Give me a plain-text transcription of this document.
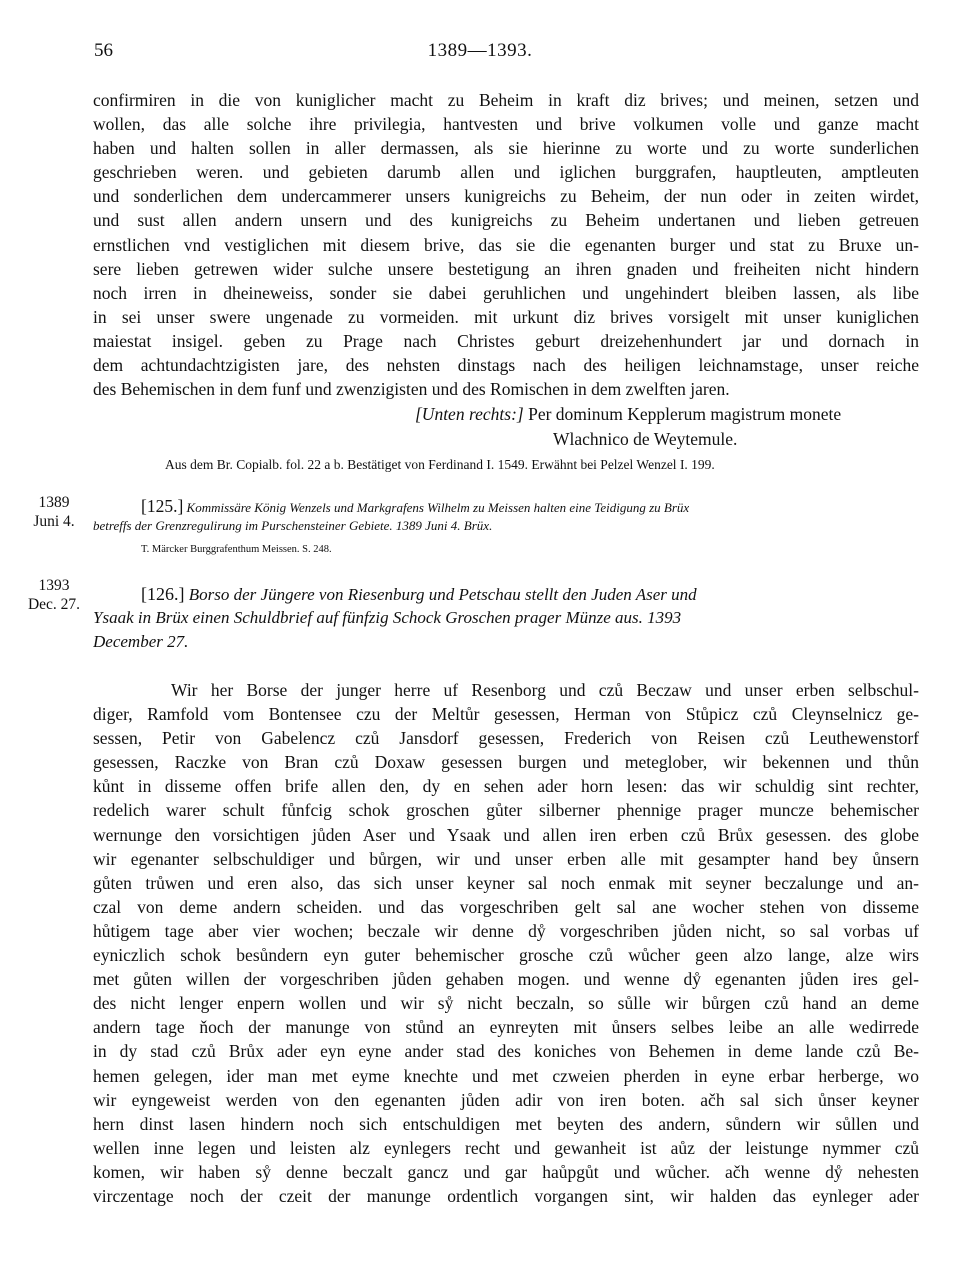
56	1389—1393.
confirmiren in die von kuniglicher macht zu Beheim in kraft diz brives; und meinen, setzen und
wollen, das alle solche ihre privilegia, hantvesten und brive volkumen volle und ganze macht
haben und halten sollen in aller dermassen, als sie hierinne zu worte und zu worte sunderlichen
geschrieben weren. und gebieten darumb allen und iglichen burggrafen, hauptleuten, amptleuten
und sonderlichen dem undercammerer unsers kunigreichs zu Beheim, der nun oder in zeiten wirdet,
und sust allen andern unsern und des kunigreichs zu Beheim undertanen und lieben getreuen
ernstlichen vnd vestiglichen mit diesem brive, das sie die egenanten burger und stat zu Bruxe un-
sere lieben getrewen wider sulche unsere bestetigung an ihren gnaden und freiheiten nicht hindern
noch irren in dheineweiss, sonder sie dabei geruhlichen und ungehindert bleiben lassen, als libe
in sei unser swere ungenade zu vormeiden. mit urkunt diz brives vorsigelt mit unser kuniglichen
maiestat insigel. geben zu Prage nach Christes geburt dreizehenhundert jar und dornach in
dem achtundachtzigisten jare, des nehsten dinstags nach des heiligen leichnamstage, unser reiche
des Behemischen in dem funf und zwenzigisten und des Romischen in dem zwelften jaren.
[Unten rechts:] Per dominum Kepplerum magistrum monete
Wlachnico de Weytemule.
Aus dem Br. Copialb. fol. 22 a b. Bestätiget von Ferdinand I. 1549. Erwähnt bei Pelzel Wenzel I. 199.
1389
Juni 4.
[125.] Kommissäre König Wenzels und Markgrafens Wilhelm zu Meissen halten eine Teidigung zu Brüx
betreffs der Grenzregulirung im Purschensteiner Gebiete. 1389 Juni 4. Brüx.
T. Märcker Burggrafenthum Meissen. S. 248.
1393
Dec. 27.
[126.] Borso der Jüngere von Riesenburg und Petschau stellt den Juden Aser und
Ysaak in Brüx einen Schuldbrief auf fünfzig Schock Groschen prager Münze aus. 1393
December 27.
Wir her Borse der junger herre uf Resenborg und czů Beczaw und unser erben selbschul-
diger, Ramfold vom Bontensee czu der Meltůr gesessen, Herman von Stůpicz czů Cleynselnicz ge-
sessen, Petir von Gabelencz czů Jansdorf gesessen, Frederich von Reisen czů Leuthewenstorf
gesessen, Raczke von Bran czů Doxaw gesessen burgen und meteglober, wir bekennen und thůn
kůnt in disseme offen brife allen den, dy en sehen ader horn lesen: das wir schuldig sint rechter,
redelich warer schult fůnfcig schok groschen gůter silberner phennige prager muncze behemischer
wernunge den vorsichtigen jůden Aser und Ysaak und allen iren erben czů Brůx gesessen. des globe
wir egenanter selbschuldiger und bůrgen, wir und unser erben alle mit gesampter hand bey ůnsern
gůten trůwen und eren also, das sich unser keyner sal noch enmak mit seyner beczalunge und an-
czal von deme andern scheiden. und das vorgeschriben gelt sal ane wocher stehen von disseme
hůtigem tage aber vier wochen; beczale wir denne dẙ vorgeschriben jůden nicht, so sal vorbas uf
eyniczlich schok besůndern eyn guter behemischer grosche czů wůcher geen alzo lange, alze wirs
met gůten willen der vorgeschriben jůden gehaben mogen. und wenne dẙ egenanten jůden ires gel-
des nicht lenger enpern wollen und wir sẙ nicht beczaln, so sůlle wir bůrgen czů hand an deme
andern tage ňoch der manunge von stůnd an eynreyten mit ůnsers selbes leibe an alle wedirrede
in dy stad czů Brůx ader eyn eyne ander stad des koniches von Behemen in deme lande czů Be-
hemen gelegen, ider man met eyme knechte und met czweien pherden in eyne erbar herberge, wo
wir eyngeweist werden von den egenanten jůden adir von iren boten. ačh sal sich ůnser keyner
hern dinst lasen hindern noch sich entschuldigen met beyten des andern, sůndern wir sůllen und
wellen inne legen und leisten alz eynlegers recht und gewanheit ist aůz der leistunge nymmer czů
komen, wir haben sẙ denne beczalt gancz und gar haůpgůt und wůcher. ačh wenne dẙ nehesten
virczentage noch der czeit der manunge ordentlich vorgangen sint, wir halden das eynleger ader
